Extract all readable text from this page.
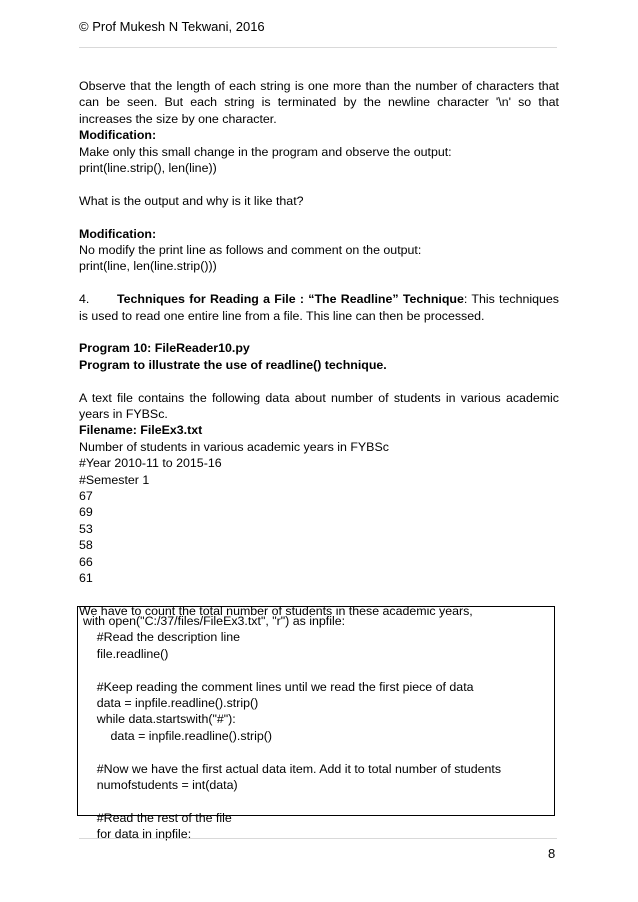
© Prof Mukesh N Tekwani, 2016

Observe that the length of each string is one more than the number of characters that can be seen. But each string is terminated by the newline character '\n' so that increases the size by one character.

Modification:

Make only this small change in the program and observe the output:

print(line.strip(), len(line))

What is the output and why is it like that?

Modification:

No modify the print line as follows and comment on the output:

print(line, len(line.strip()))

4. Techniques for Reading a File : “The Readline” Technique: This techniques is used to read one entire line from a file. This line can then be processed.

Program 10: FileReader10.py

Program to illustrate the use of readline() technique.

A text file contains the following data about number of students in various academic years in FYBSc.

Filename: FileEx3.txt

Number of students in various academic years in FYBSc

#Year 2010-11 to 2015-16

#Semester 1

67

69

53

58

66

61

We have to count the total number of students in these academic years,

with open("C:/37/files/FileEx3.txt", "r") as inpfile:
#Read the description line
file.readline()
#Keep reading the comment lines until we read the first piece of data
data = inpfile.readline().strip()
while data.startswith("#"):
data = inpfile.readline().strip()
#Now we have the first actual data item. Add it to total number of students
numofstudents = int(data)
#Read the rest of the file
for data in inpfile:
8
